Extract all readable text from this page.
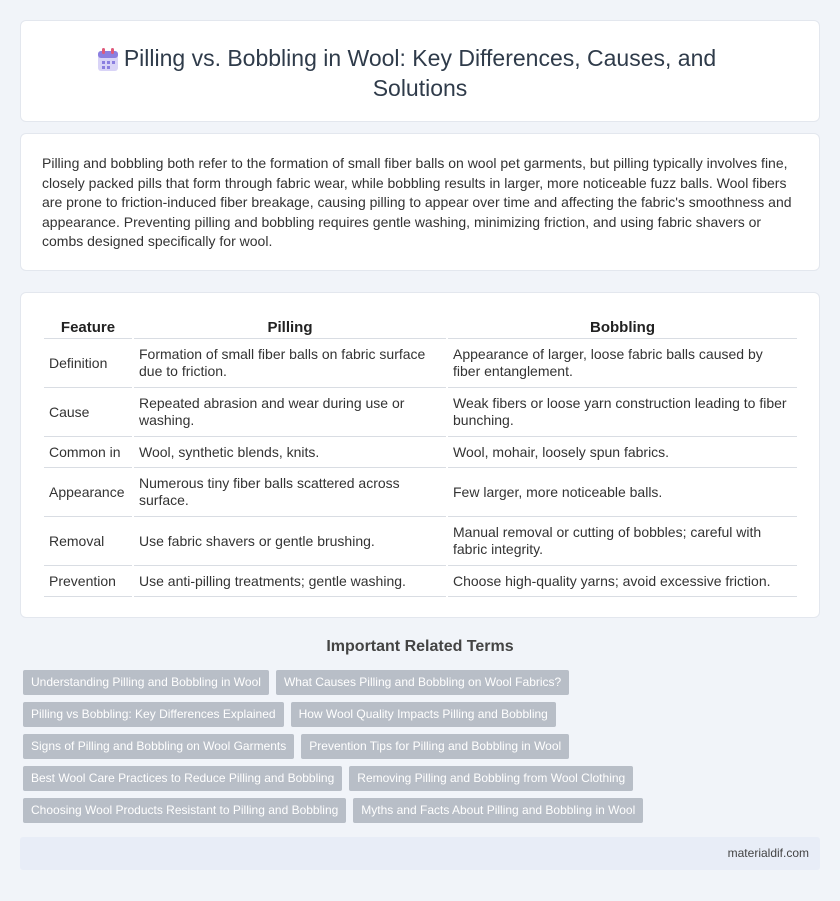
Pilling vs. Bobbling in Wool: Key Differences, Causes, and Solutions

Pilling and bobbling both refer to the formation of small fiber balls on wool pet garments, but pilling typically involves fine, closely packed pills that form through fabric wear, while bobbling results in larger, more noticeable fuzz balls. Wool fibers are prone to friction-induced fiber breakage, causing pilling to appear over time and affecting the fabric's smoothness and appearance. Preventing pilling and bobbling requires gentle washing, minimizing friction, and using fabric shavers or combs designed specifically for wool.

Feature	Pilling	Bobbling
Definition	Formation of small fiber balls on fabric surface due to friction.	Appearance of larger, loose fabric balls caused by fiber entanglement.
Cause	Repeated abrasion and wear during use or washing.	Weak fibers or loose yarn construction leading to fiber bunching.
Common in	Wool, synthetic blends, knits.	Wool, mohair, loosely spun fabrics.
Appearance	Numerous tiny fiber balls scattered across surface.	Few larger, more noticeable balls.
Removal	Use fabric shavers or gentle brushing.	Manual removal or cutting of bobbles; careful with fabric integrity.
Prevention	Use anti-pilling treatments; gentle washing.	Choose high-quality yarns; avoid excessive friction.
Important Related Terms
Understanding Pilling and Bobbling in Wool	What Causes Pilling and Bobbling on Wool Fabrics?
Pilling vs Bobbling: Key Differences Explained	How Wool Quality Impacts Pilling and Bobbling
Signs of Pilling and Bobbling on Wool Garments	Prevention Tips for Pilling and Bobbling in Wool
Best Wool Care Practices to Reduce Pilling and Bobbling	Removing Pilling and Bobbling from Wool Clothing
Choosing Wool Products Resistant to Pilling and Bobbling	Myths and Facts About Pilling and Bobbling in Wool
materialdif.com
